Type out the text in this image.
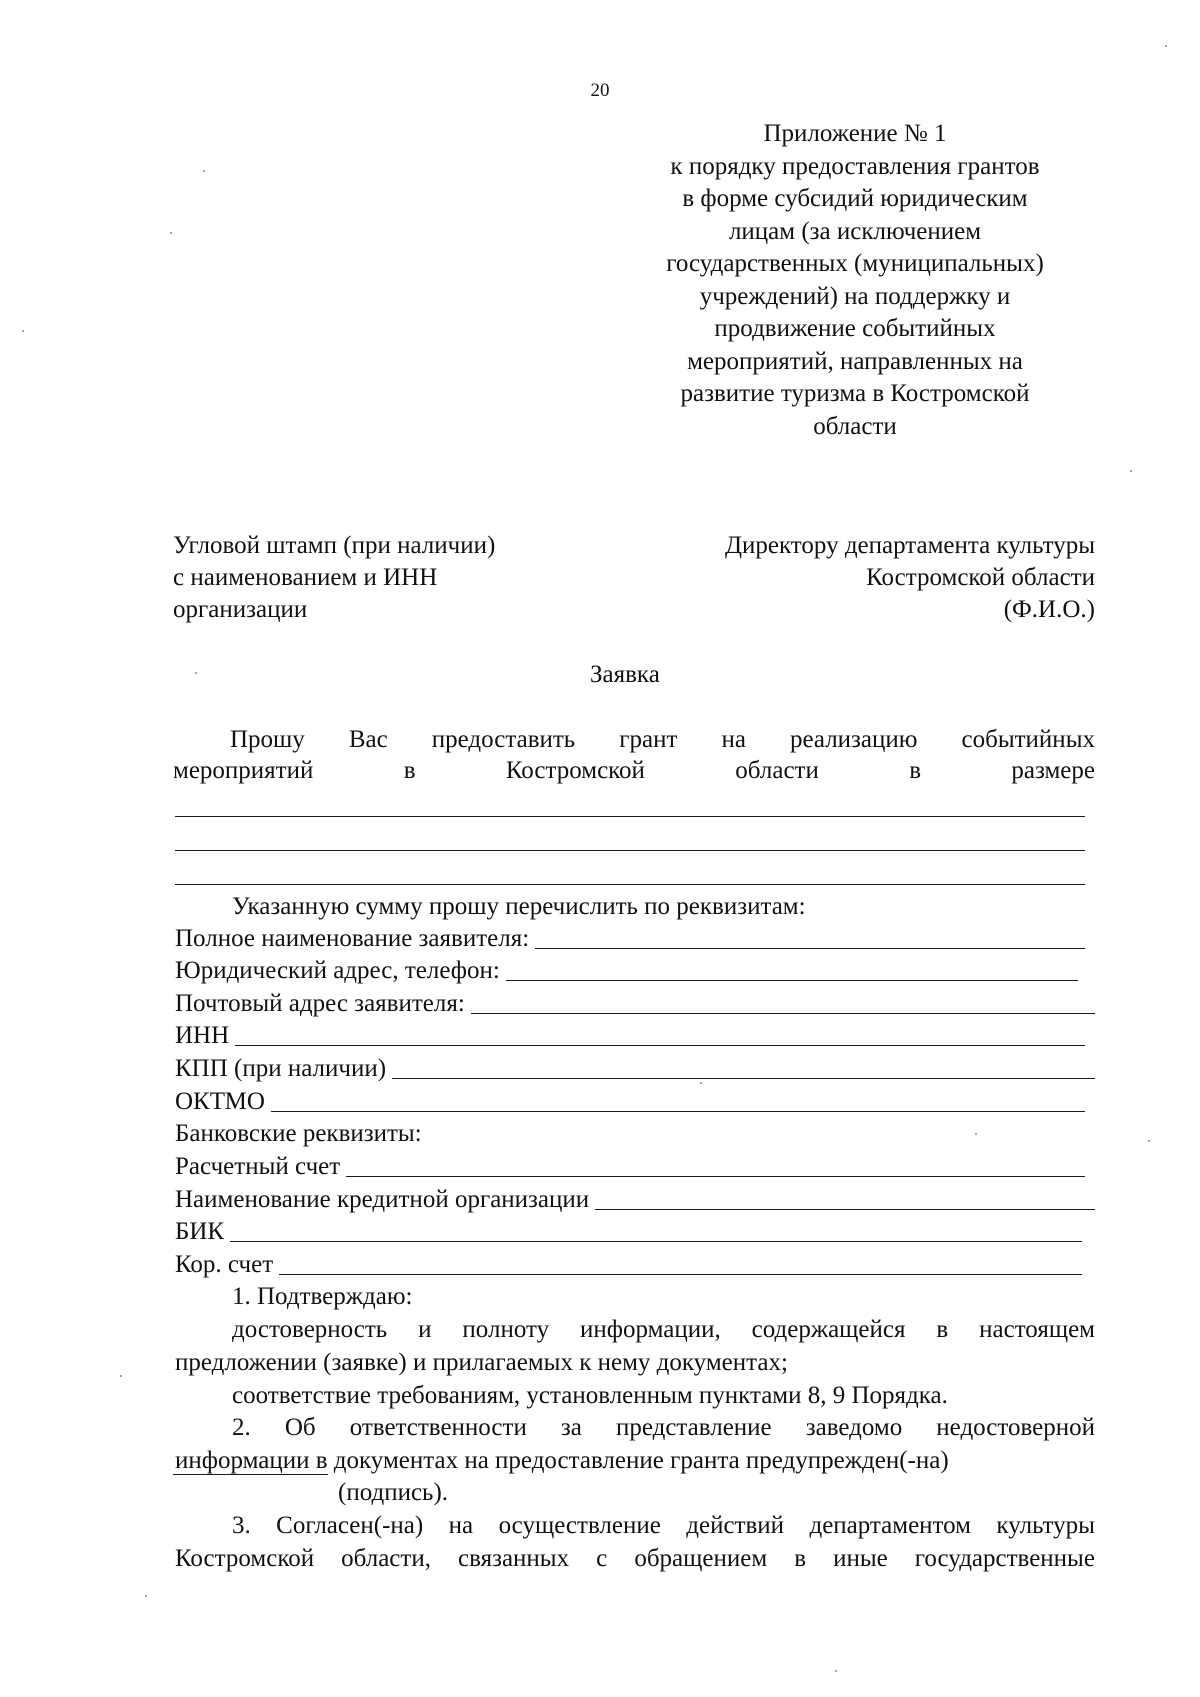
20
Приложение № 1
к порядку предоставления грантов
в форме субсидий юридическим
лицам (за исключением
государственных (муниципальных)
учреждений) на поддержку и
продвижение событийных
мероприятий, направленных на
развитие туризма в Костромской
области
Угловой штамп (при наличии)
с наименованием и ИНН
организации
Директору департамента культуры
Костромской области
(Ф.И.О.)
Заявка
Прошу Вас предоставить грант на реализацию событийных
мероприятий	в	Костромской	области	в	размере
Указанную сумму прошу перечислить по реквизитам:
Полное наименование заявителя:
Юридический адрес, телефон:
Почтовый адрес заявителя:
ИНН
КПП (при наличии)
ОКТМО
Банковские реквизиты:
Расчетный счет
Наименование кредитной организации
БИК
Кор. счет
1. Подтверждаю:
достоверность и полноту информации, содержащейся в настоящем
предложении (заявке) и прилагаемых к нему документах;
соответствие требованиям, установленным пунктами 8, 9 Порядка.
2. Об ответственности за представление заведомо недостоверной
информации в документах на предоставление гранта предупрежден(-на)
(подпись).
3. Согласен(-на) на осуществление действий департаментом культуры
Костромской области, связанных с обращением в иные государственные
